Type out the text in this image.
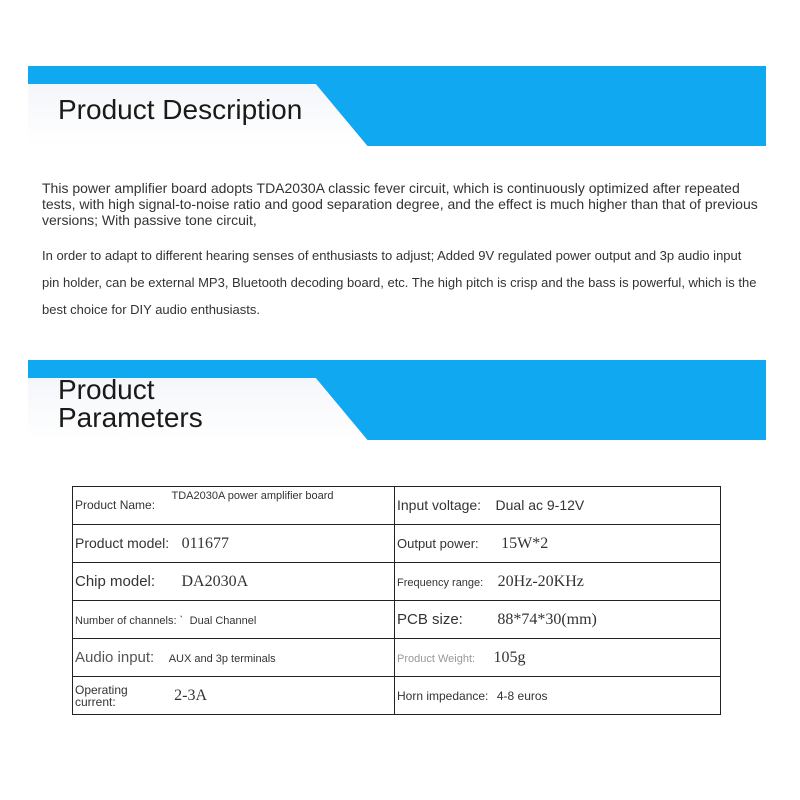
Product Description
This power amplifier board adopts TDA2030A classic fever circuit, which is continuously optimized after repeated tests, with high signal-to-noise ratio and good separation degree, and the effect is much higher than that of previous versions; With passive tone circuit,
In order to adapt to different hearing senses of enthusiasts to adjust; Added 9V regulated power output and 3p audio input pin holder, can be external MP3, Bluetooth decoding board, etc. The high pitch is crisp and the bass is powerful, which is the best choice for DIY audio enthusiasts.
Product
Parameters
Product Name: TDA2030A power amplifier board	Input voltage: Dual ac 9-12V
Product model: 011677	Output power: 15W*2
Chip model: DA2030A	Frequency range: 20Hz-20KHz
Number of channels: ` Dual Channel	PCB size: 88*74*30(mm)
Audio input: AUX and 3p terminals	Product Weight: 105g

Operating
current: 2-3A	Horn impedance: 4-8 euros
